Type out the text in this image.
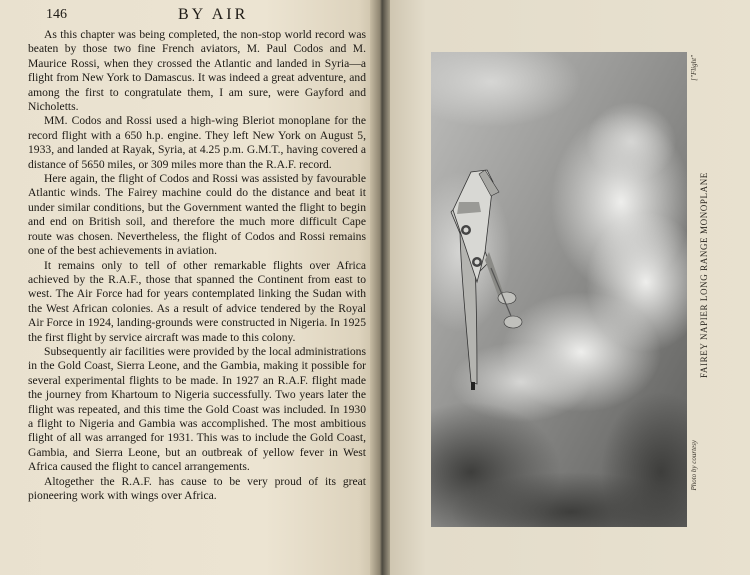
146	BY AIR

As this chapter was being completed, the non-stop world record was beaten by those two fine French aviators, M. Paul Codos and M. Maurice Rossi, when they crossed the Atlantic and landed in Syria—a flight from New York to Damascus. It was indeed a great adventure, and among the first to congratulate them, I am sure, were Gayford and Nicholetts.

MM. Codos and Rossi used a high-wing Bleriot monoplane for the record flight with a 650 h.p. engine. They left New York on August 5, 1933, and landed at Rayak, Syria, at 4.25 p.m. G.M.T., having covered a distance of 5650 miles, or 309 miles more than the R.A.F. record.

Here again, the flight of Codos and Rossi was assisted by favourable Atlantic winds. The Fairey machine could do the distance and beat it under similar conditions, but the Government wanted the flight to begin and end on British soil, and therefore the much more difficult Cape route was chosen. Nevertheless, the flight of Codos and Rossi remains one of the best achievements in aviation.

It remains only to tell of other remarkable flights over Africa achieved by the R.A.F., those that spanned the Continent from east to west. The Air Force had for years contemplated linking the Sudan with the West African colonies. As a result of advice tendered by the Royal Air Force in 1924, landing-grounds were constructed in Nigeria. In 1925 the first flight by service aircraft was made to this colony.

Subsequently air facilities were provided by the local administrations in the Gold Coast, Sierra Leone, and the Gambia, making it possible for several experimental flights to be made. In 1927 an R.A.F. flight made the journey from Khartoum to Nigeria successfully. Two years later the flight was repeated, and this time the Gold Coast was included. In 1930 a flight to Nigeria and Gambia was accomplished. The most ambitious flight of all was arranged for 1931. This was to include the Gold Coast, Gambia, and Sierra Leone, but an outbreak of yellow fever in West Africa caused the flight to cancel arrangements.

Altogether the R.A.F. has cause to be very proud of its great pioneering work with wings over Africa.

FAIREY NAPIER LONG RANGE MONOPLANE
Photo by courtesy
["Flight"
